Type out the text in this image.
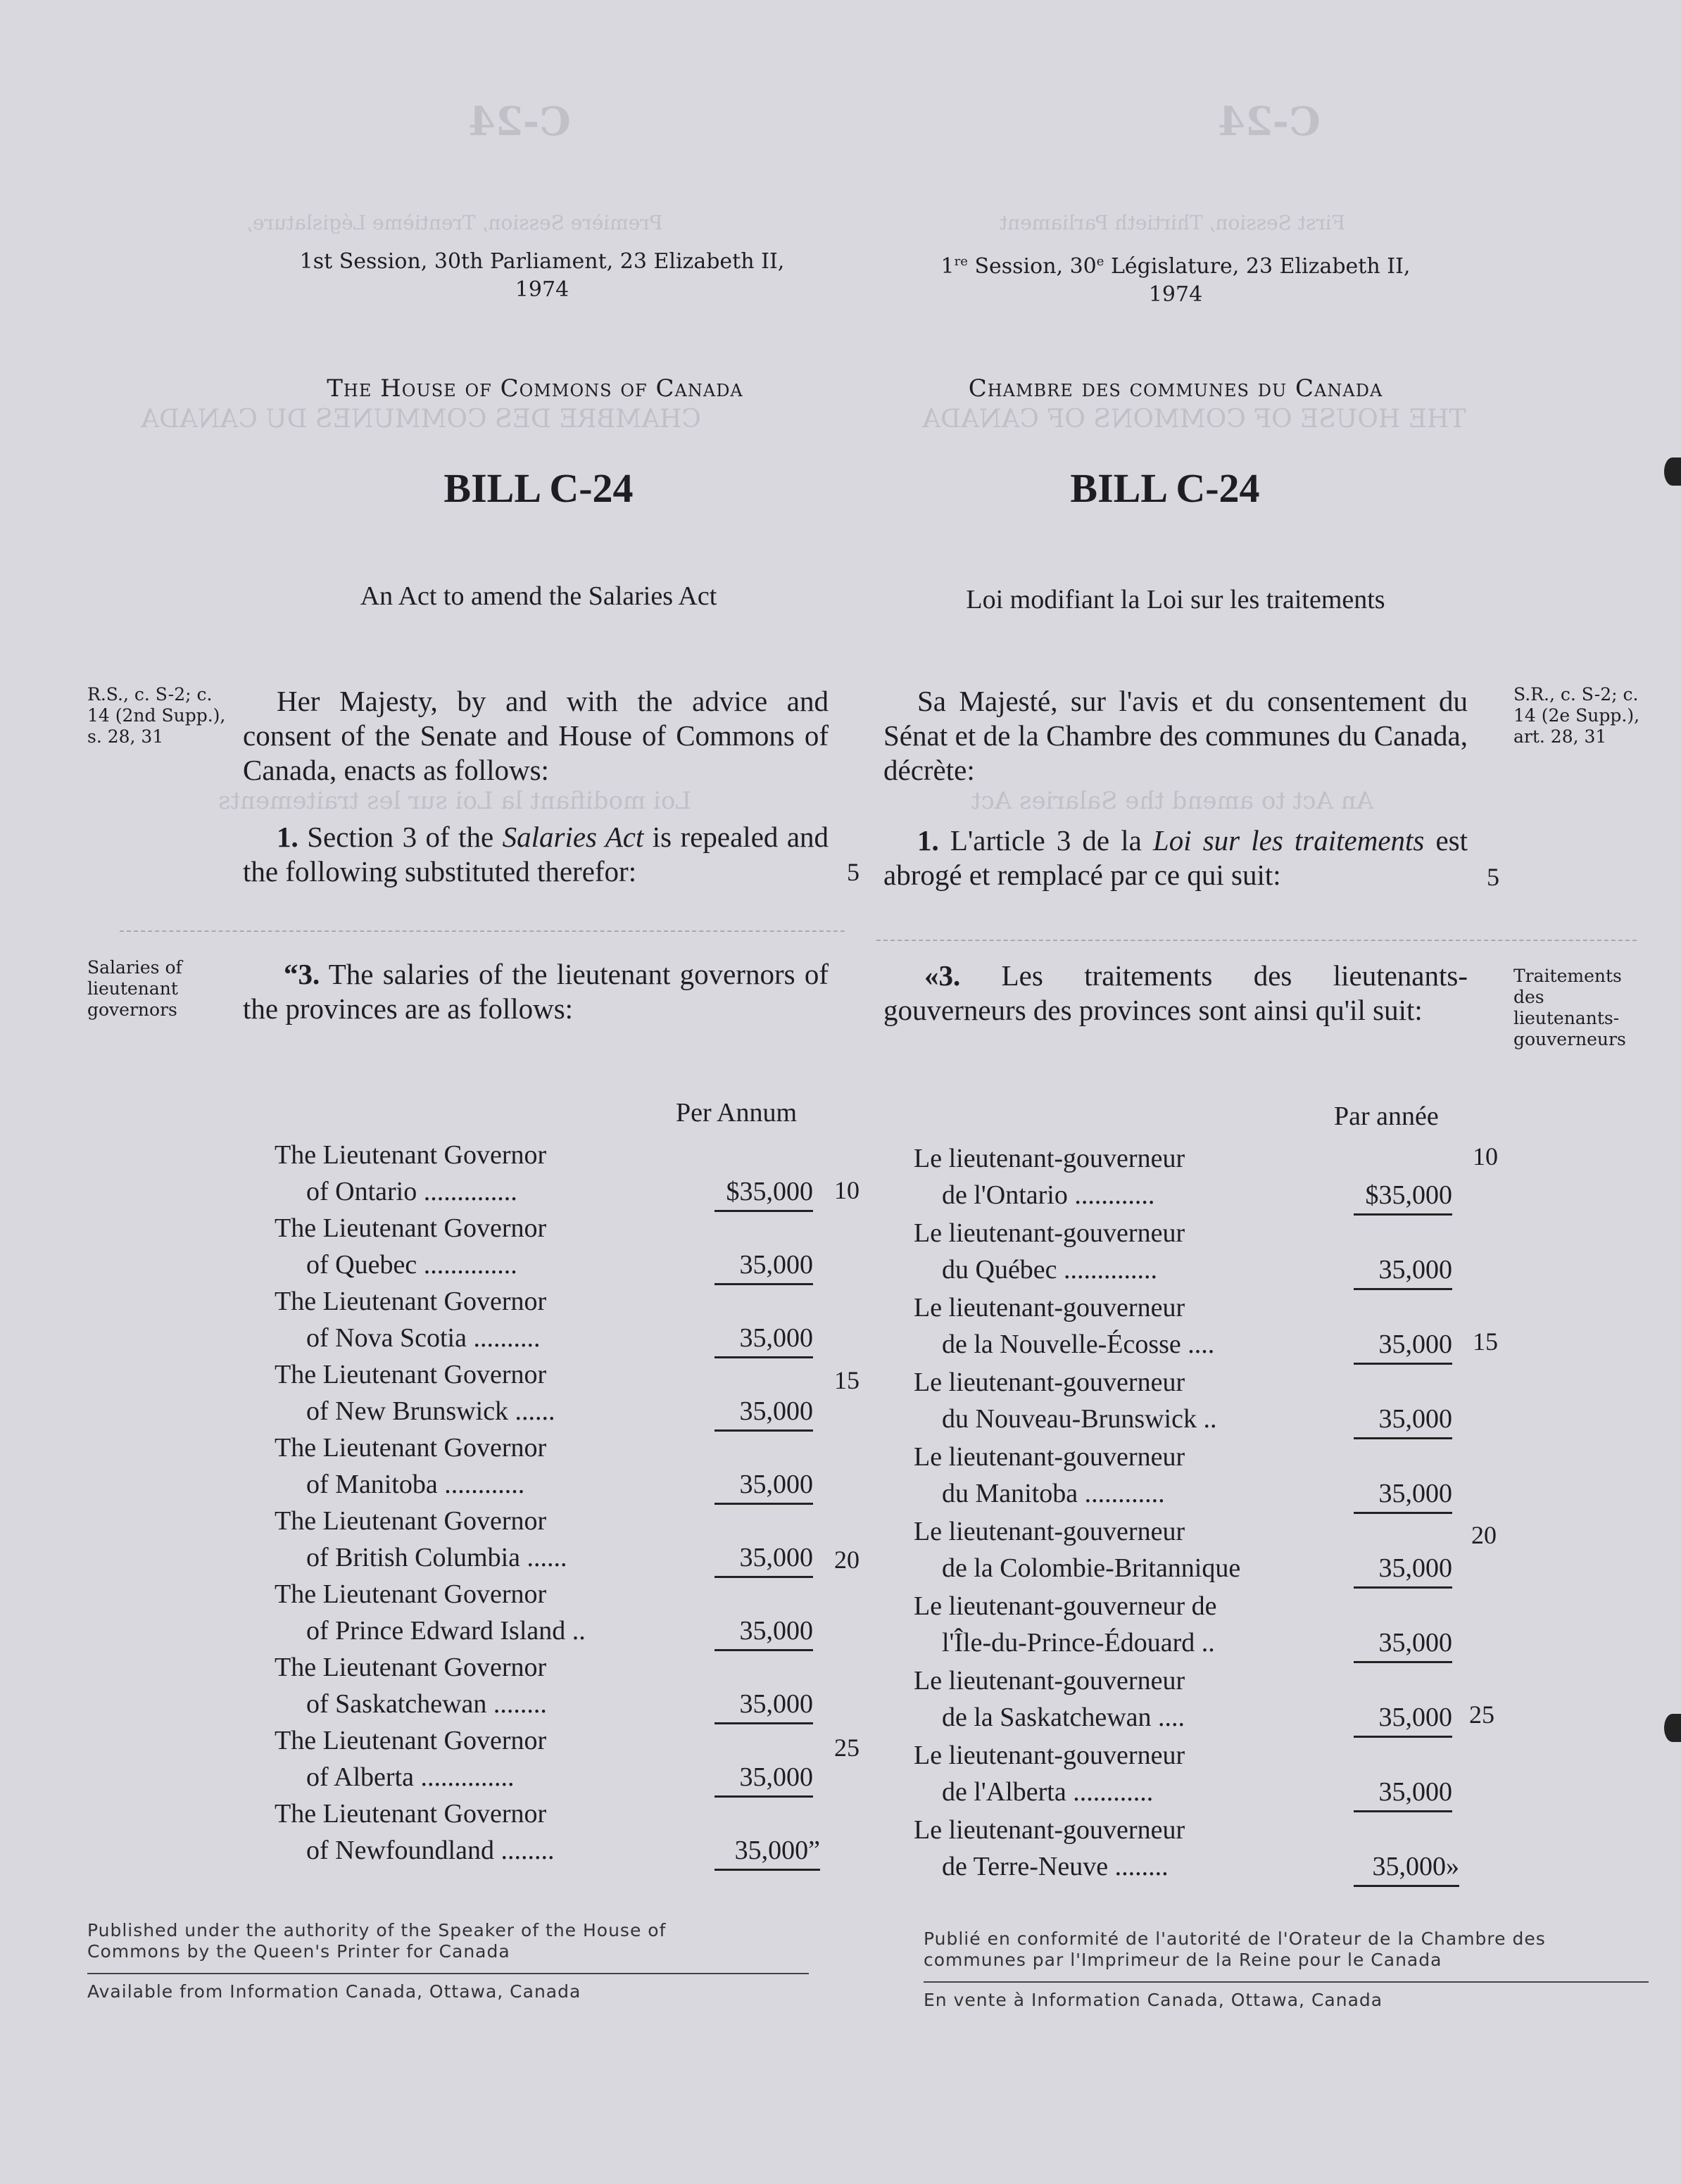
C-24	C-24
Première Session, Trentième Législature,	First Session, Thirtieth Parliament
CHAMBRE DES COMMUNES DU CANADA	THE HOUSE OF COMMONS OF CANADA
Loi modifiant la Loi sur les traitements	An Act to amend the Salaries Act
1st Session, 30th Parliament, 23 Elizabeth II,
1974
The House of Commons of Canada
BILL C-24
An Act to amend the Salaries Act
R.S., c. S-2; c. 14 (2nd Supp.), s. 28, 31
Her Majesty, by and with the advice and consent of the Senate and House of Commons of Canada, enacts as follows:
1. Section 3 of the Salaries Act is repealed and the following substituted therefor:	5
Salaries of lieutenant governors
“3. The salaries of the lieutenant governors of the provinces are as follows:
Per Annum
The Lieutenant Governor
of Ontario ..............	$35,000
The Lieutenant Governor
of Quebec ..............	35,000
The Lieutenant Governor
of Nova Scotia ..........	35,000
The Lieutenant Governor
of New Brunswick ......	35,000
The Lieutenant Governor
of Manitoba ............	35,000
The Lieutenant Governor
of British Columbia ......	35,000
The Lieutenant Governor
of Prince Edward Island ..	35,000
The Lieutenant Governor
of Saskatchewan ........	35,000
The Lieutenant Governor
of Alberta ..............	35,000
The Lieutenant Governor
of Newfoundland ........	35,000”
10
15
20
25
Published under the authority of the Speaker of the House of Commons by the Queen's Printer for Canada
Available from Information Canada, Ottawa, Canada
1re Session, 30e Législature, 23 Elizabeth II,
1974
Chambre des communes du Canada
BILL C-24
Loi modifiant la Loi sur les traitements
Sa Majesté, sur l'avis et du consentement du Sénat et de la Chambre des communes du Canada, décrète:
S.R., c. S-2; c. 14 (2e Supp.), art. 28, 31
1. L'article 3 de la Loi sur les traitements est abrogé et remplacé par ce qui suit:	5
«3. Les traitements des lieutenants-gouverneurs des provinces sont ainsi qu'il suit:
Traitements des lieutenants-gouverneurs
Par année
Le lieutenant-gouverneur
de l'Ontario ............	$35,000
Le lieutenant-gouverneur
du Québec ..............	35,000
Le lieutenant-gouverneur
de la Nouvelle-Écosse ....	35,000
Le lieutenant-gouverneur
du Nouveau-Brunswick ..	35,000
Le lieutenant-gouverneur
du Manitoba ............	35,000
Le lieutenant-gouverneur
de la Colombie-Britannique	35,000
Le lieutenant-gouverneur de
l'Île-du-Prince-Édouard ..	35,000
Le lieutenant-gouverneur
de la Saskatchewan ....	35,000
Le lieutenant-gouverneur
de l'Alberta ............	35,000
Le lieutenant-gouverneur
de Terre-Neuve ........	35,000»
10
15
20
25
Publié en conformité de l'autorité de l'Orateur de la Chambre des communes par l'Imprimeur de la Reine pour le Canada
En vente à Information Canada, Ottawa, Canada
